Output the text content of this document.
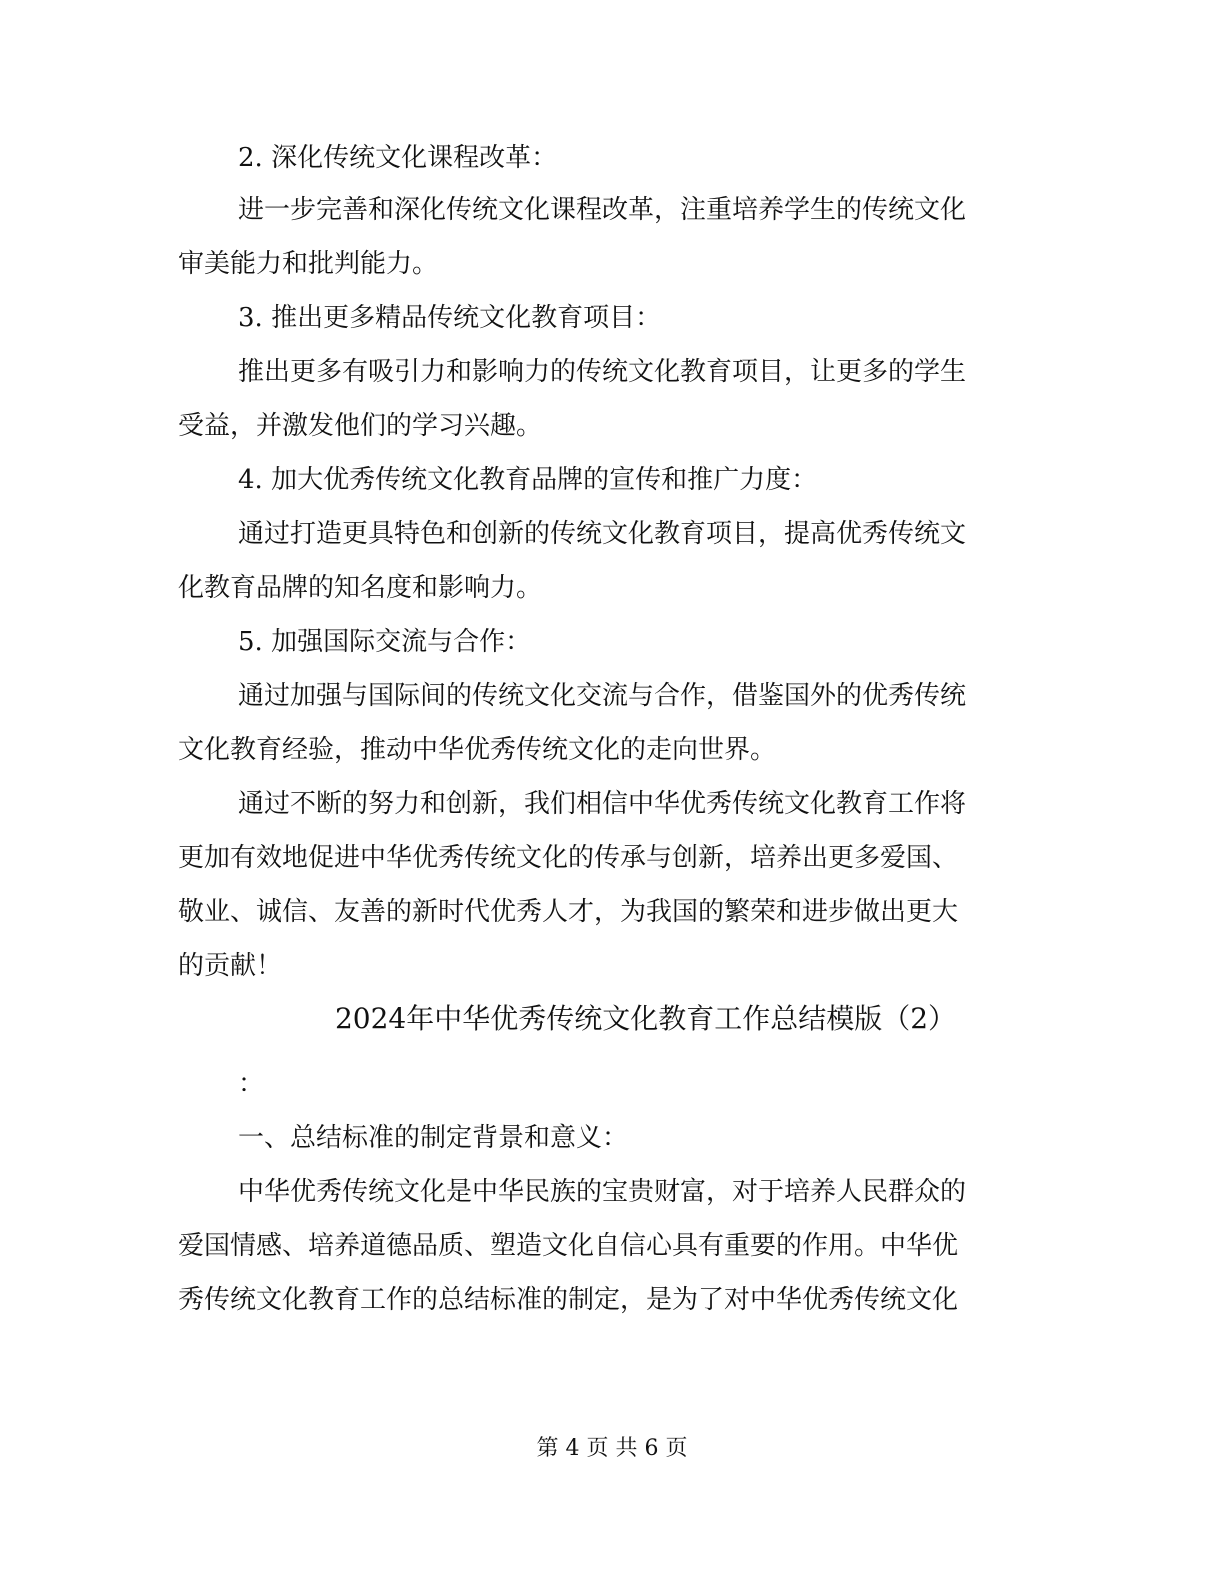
2. 深化传统文化课程改革：
进一步完善和深化传统文化课程改革，注重培养学生的传统文化
审美能力和批判能力。
3. 推出更多精品传统文化教育项目：
推出更多有吸引力和影响力的传统文化教育项目，让更多的学生
受益，并激发他们的学习兴趣。
4. 加大优秀传统文化教育品牌的宣传和推广力度：
通过打造更具特色和创新的传统文化教育项目，提高优秀传统文
化教育品牌的知名度和影响力。
5. 加强国际交流与合作：
通过加强与国际间的传统文化交流与合作，借鉴国外的优秀传统
文化教育经验，推动中华优秀传统文化的走向世界。
通过不断的努力和创新，我们相信中华优秀传统文化教育工作将
更加有效地促进中华优秀传统文化的传承与创新，培养出更多爱国、
敬业、诚信、友善的新时代优秀人才，为我国的繁荣和进步做出更大
的贡献！
2024年中华优秀传统文化教育工作总结模版（2）
：
一、总结标准的制定背景和意义：
中华优秀传统文化是中华民族的宝贵财富，对于培养人民群众的
爱国情感、培养道德品质、塑造文化自信心具有重要的作用。中华优
秀传统文化教育工作的总结标准的制定，是为了对中华优秀传统文化
第 4 页 共 6 页
